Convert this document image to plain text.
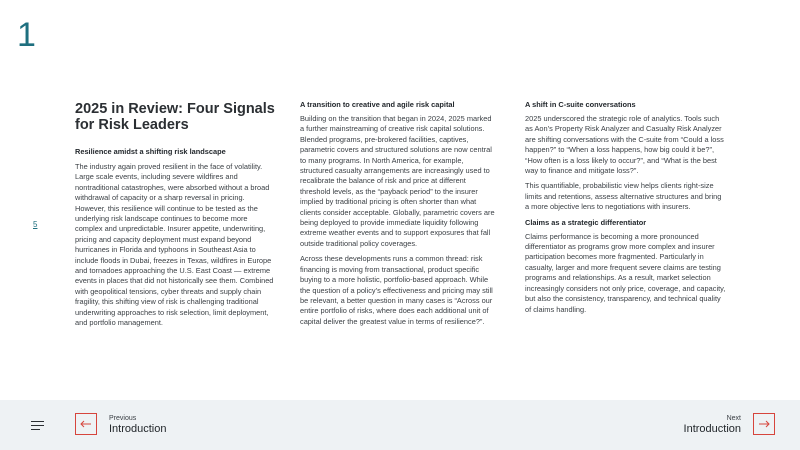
1
5
2025 in Review: Four Signals for Risk Leaders
Resilience amidst a shifting risk landscape

The industry again proved resilient in the face of volatility. Large scale events, including severe wildfires and nontraditional catastrophes, were absorbed without a broad withdrawal of capacity or a sharp reversal in pricing. However, this resilience will continue to be tested as the underlying risk landscape continues to become more complex and unpredictable. Insurer appetite, underwriting, pricing and capacity deployment must expand beyond hurricanes in Florida and typhoons in Southeast Asia to include floods in Dubai, freezes in Texas, wildfires in Europe and tornadoes approaching the U.S. East Coast — extreme events in places that did not historically see them. Combined with geopolitical tensions, cyber threats and supply chain fragility, this shifting view of risk is challenging traditional underwriting approaches to risk selection, limit deployment, and portfolio management.

A transition to creative and agile risk capital

Building on the transition that began in 2024, 2025 marked a further mainstreaming of creative risk capital solutions. Blended programs, pre-brokered facilities, captives, parametric covers and structured solutions are now central to many programs. In North America, for example, structured casualty arrangements are increasingly used to recalibrate the balance of risk and price at different threshold levels, as the “payback period” to the insurer implied by traditional pricing is often shorter than what clients consider acceptable. Globally, parametric covers are being deployed to provide immediate liquidity following extreme weather events and to support exposures that fall outside traditional policy coverages.

Across these developments runs a common thread: risk financing is moving from transactional, product specific buying to a more holistic, portfolio-based approach. While the question of a policy’s effectiveness and pricing may still be relevant, a better question in many cases is “Across our entire portfolio of risks, where does each additional unit of capital deliver the greatest value in terms of resilience?”.

A shift in C-suite conversations

2025 underscored the strategic role of analytics. Tools such as Aon’s Property Risk Analyzer and Casualty Risk Analyzer are shifting conversations with the C-suite from “Could a loss happen?” to “When a loss happens, how big could it be?”, “How often is a loss likely to occur?”, and “What is the best way to finance and mitigate loss?”.

This quantifiable, probabilistic view helps clients right-size limits and retentions, assess alternative structures and bring a more objective lens to negotiations with insurers.

Claims as a strategic differentiator

Claims performance is becoming a more pronounced differentiator as programs grow more complex and insurer participation becomes more fragmented. Particularly in casualty, larger and more frequent severe claims are testing programs and relationships. As a result, market selection increasingly considers not only price, coverage, and capacity, but also the consistency, transparency, and technical quality of claims handling.

Previous
Introduction
Next
Introduction
